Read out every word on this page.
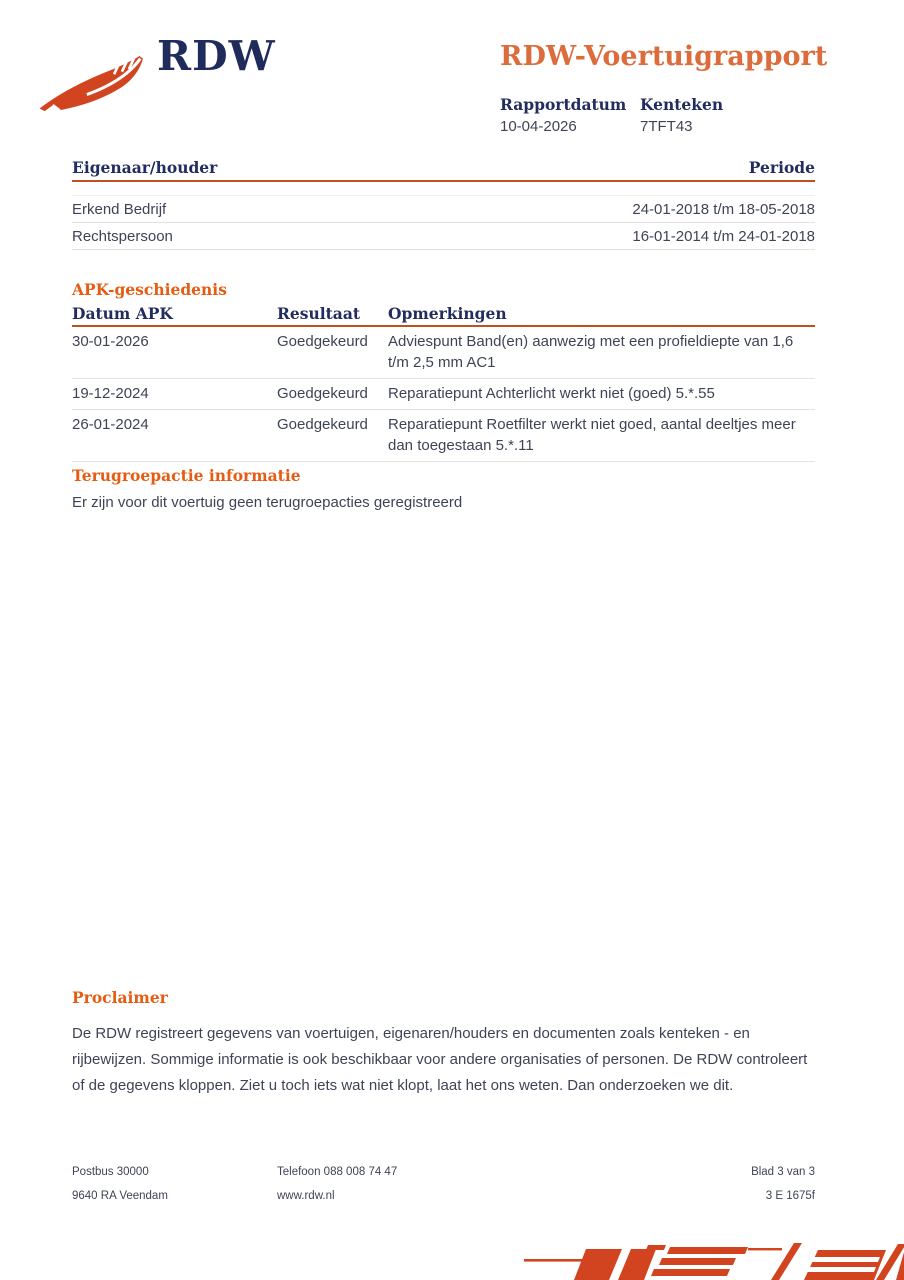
RDW	RDW-Voertuigrapport
Rapportdatum
10-04-2026
Kenteken
7TFT43
Eigenaar/houder	Periode
Erkend Bedrijf	24-01-2018 t/m 18-05-2018
Rechtspersoon	16-01-2014 t/m 24-01-2018
APK-geschiedenis
Datum APK	Resultaat	Opmerkingen
30-01-2026	Goedgekeurd	Adviespunt Band(en) aanwezig met een profieldiepte van 1,6 t/m 2,5 mm AC1
19-12-2024	Goedgekeurd	Reparatiepunt Achterlicht werkt niet (goed) 5.*.55
26-01-2024	Goedgekeurd	Reparatiepunt Roetfilter werkt niet goed, aantal deeltjes meer dan toegestaan 5.*.11
Terugroepactie informatie
Er zijn voor dit voertuig geen terugroepacties geregistreerd
Proclaimer
De RDW registreert gegevens van voertuigen, eigenaren/houders en documenten zoals kenteken - en rijbewijzen. Sommige informatie is ook beschikbaar voor andere organisaties of personen. De RDW controleert of de gegevens kloppen. Ziet u toch iets wat niet klopt, laat het ons weten. Dan onderzoeken we dit.
Postbus 30000	Telefoon 088 008 74 47	Blad 3 van 3
9640 RA Veendam	www.rdw.nl	3 E 1675f
